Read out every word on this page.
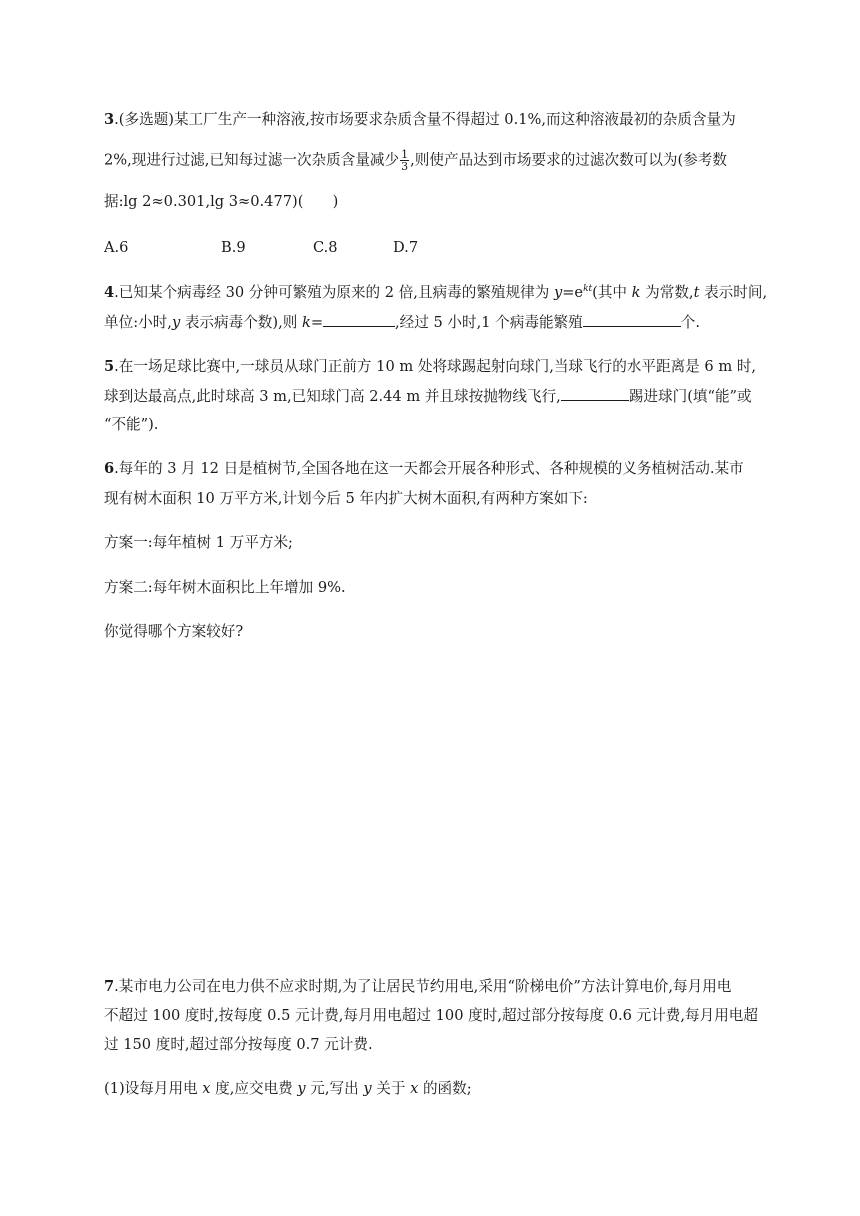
3.(多选题)某工厂生产一种溶液,按市场要求杂质含量不得超过 0.1%,而这种溶液最初的杂质含量为
2%,现进行过滤,已知每过滤一次杂质含量减少 $\frac{1}{3}$ ,则使产品达到市场要求的过滤次数可以为(参考数
据:lg 2≈0.301,lg 3≈0.477)(　　)
A.6	B.9	C.8	D.7
4.已知某个病毒经 30 分钟可繁殖为原来的 2 倍,且病毒的繁殖规律为 $y=e^{kt}$(其中 k 为常数,t 表示时间,
单位:小时,y 表示病毒个数),则 k=	,经过 5 小时,1 个病毒能繁殖	个.
5.在一场足球比赛中,一球员从球门正前方 10 m 处将球踢起射向球门,当球飞行的水平距离是 6 m 时,
球到达最高点,此时球高 3 m,已知球门高 2.44 m 并且球按抛物线飞行,	踢进球门(填“能”或
“不能”).
6.每年的 3 月 12 日是植树节,全国各地在这一天都会开展各种形式、各种规模的义务植树活动.某市
现有树木面积 10 万平方米,计划今后 5 年内扩大树木面积,有两种方案如下:
方案一:每年植树 1 万平方米;
方案二:每年树木面积比上年增加 9%.
你觉得哪个方案较好?
7.某市电力公司在电力供不应求时期,为了让居民节约用电,采用“阶梯电价”方法计算电价,每月用电
不超过 100 度时,按每度 0.5 元计费,每月用电超过 100 度时,超过部分按每度 0.6 元计费,每月用电超
过 150 度时,超过部分按每度 0.7 元计费.
(1)设每月用电 x 度,应交电费 y 元,写出 y 关于 x 的函数;
